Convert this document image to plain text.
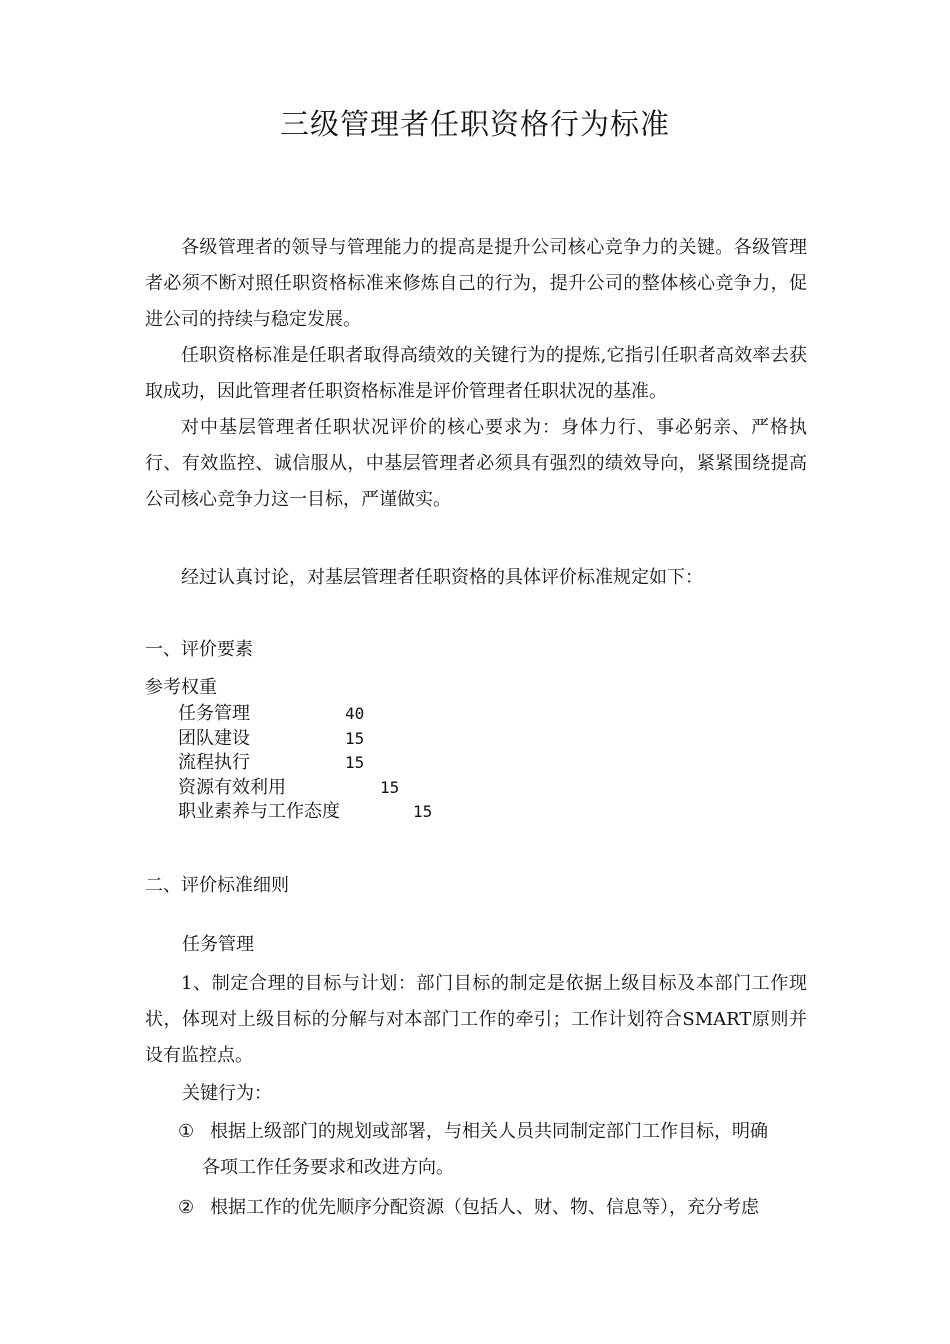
三级管理者任职资格行为标准

各级管理者的领导与管理能力的提高是提升公司核心竞争力的关键。各级管理者必须不断对照任职资格标准来修炼自己的行为，提升公司的整体核心竞争力，促进公司的持续与稳定发展。

任职资格标准是任职者取得高绩效的关键行为的提炼,它指引任职者高效率去获取成功，因此管理者任职资格标准是评价管理者任职状况的基准。

对中基层管理者任职状况评价的核心要求为：身体力行、事必躬亲、严格执行、有效监控、诚信服从，中基层管理者必须具有强烈的绩效导向，紧紧围绕提高公司核心竞争力这一目标，严谨做实。

经过认真讨论，对基层管理者任职资格的具体评价标准规定如下：

一、评价要素

参考权重

任务管理	40
团队建设	15
流程执行	15
资源有效利用	15
职业素养与工作态度	15

二、评价标准细则

任务管理

1、制定合理的目标与计划：部门目标的制定是依据上级目标及本部门工作现状，体现对上级目标的分解与对本部门工作的牵引；工作计划符合SMART原则并设有监控点。

关键行为：

① 根据上级部门的规划或部署，与相关人员共同制定部门工作目标，明确
各项工作任务要求和改进方向。
② 根据工作的优先顺序分配资源（包括人、财、物、信息等），充分考虑
